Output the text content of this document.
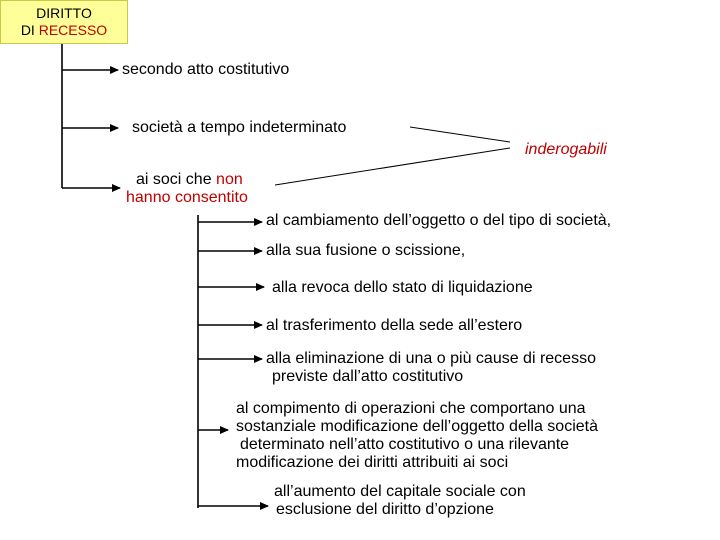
DIRITTO
DI RECESSO
secondo atto costitutivo
società a tempo indeterminato
ai soci che non
hanno consentito
inderogabili
al cambiamento dell’oggetto o del tipo di società,
alla sua fusione o scissione,
alla revoca dello stato di liquidazione
al trasferimento della sede all’estero
alla eliminazione di una o più cause di recesso
previste dall’atto costitutivo
al compimento di operazioni che comportano una
sostanziale modificazione dell’oggetto della società
determinato nell’atto costitutivo o una rilevante
modificazione dei diritti attribuiti ai soci
all’aumento del capitale sociale con
esclusione del diritto d’opzione
